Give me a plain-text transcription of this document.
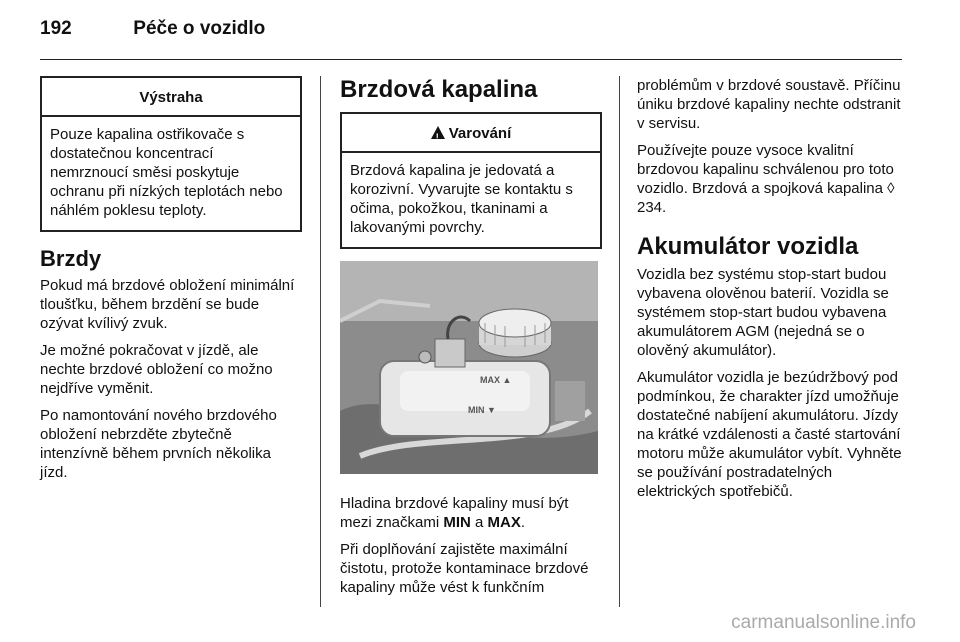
192	Péče o vozidlo
Výstraha
Pouze kapalina ostřikovače s dostatečnou koncentrací nemrznoucí směsi poskytuje ochranu při nízkých teplotách nebo náhlém poklesu teploty.
Brzdy

Pokud má brzdové obložení minimální tloušťku, během brzdění se bude ozývat kvílivý zvuk.

Je možné pokračovat v jízdě, ale nechte brzdové obložení co možno nejdříve vyměnit.

Po namontování nového brzdového obložení nebrzděte zbytečně intenzívně během prvních několika jízd.

Brzdová kapalina
!Varování
Brzdová kapalina je jedovatá a korozivní. Vyvarujte se kontaktu s očima, pokožkou, tkaninami a lakovanými povrchy.
MAX ▲
MIN ▼

Hladina brzdové kapaliny musí být mezi značkami MIN a MAX.

Při doplňování zajistěte maximální čistotu, protože kontaminace brzdové kapaliny může vést k funkčním

problémům v brzdové soustavě. Příčinu úniku brzdové kapaliny nechte odstranit v servisu.

Používejte pouze vysoce kvalitní brzdovou kapalinu schválenou pro toto vozidlo. Brzdová a spojková kapalina ◊ 234.

Akumulátor vozidla

Vozidla bez systému stop-start budou vybavena olověnou baterií. Vozidla se systémem stop-start budou vybavena akumulátorem AGM (nejedná se o olověný akumulátor).

Akumulátor vozidla je bezúdržbový pod podmínkou, že charakter jízd umožňuje dostatečné nabíjení akumulátoru. Jízdy na krátké vzdálenosti a časté startování motoru může akumulátor vybít. Vyhněte se používání postradatelných elektrických spotřebičů.

carmanualsonline.info
